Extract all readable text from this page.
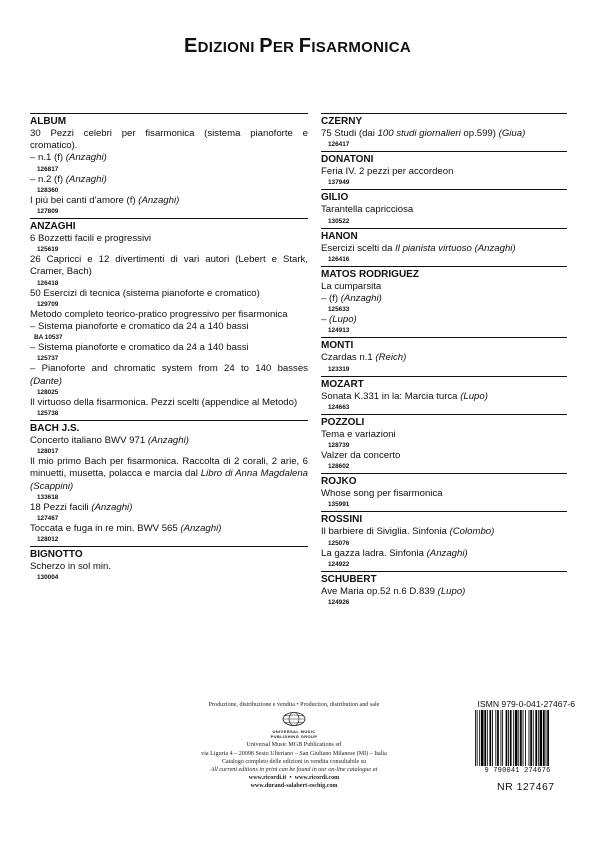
EDIZIONI PER FISARMONICA
ALBUM
30 Pezzi celebri per fisarmonica (sistema pianoforte e cromatico).
– n.1 (f) (Anzaghi)
126817
– n.2 (f) (Anzaghi)
128360
I più bei canti d’amore (f) (Anzaghi)
127809
ANZAGHI
6 Bozzetti facili e progressivi
125619
26 Capricci e 12 divertimenti di vari autori (Lebert e Stark, Cramer, Bach)
126418
50 Esercizi di tecnica (sistema pianoforte e cromatico)
129709
Metodo completo teorico-pratico progressivo per fisarmonica
– Sistema pianoforte e cromatico da 24 a 140 bassi
BA 10537
– Sistema pianoforte e cromatico da 24 a 140 bassi
125737
– Pianoforte and chromatic system from 24 to 140 basses (Dante)
128025
Il virtuoso della fisarmonica. Pezzi scelti (appendice al Metodo)
125738
BACH J.S.
Concerto italiano BWV 971 (Anzaghi)
128017
Il mio primo Bach per fisarmonica. Raccolta di 2 corali, 2 arie, 6 minuetti, musetta, polacca e marcia dal Libro di Anna Magdalena (Scappini)
133618
18 Pezzi facili (Anzaghi)
127467
Toccata e fuga in re min. BWV 565 (Anzaghi)
128012
BIGNOTTO
Scherzo in sol min.
130004
CZERNY
75 Studi (dai 100 studi giornalieri op.599) (Giua)
126417
DONATONI
Feria IV. 2 pezzi per accordeon
137949
GILIO
Tarantella capricciosa
130522
HANON
Esercizi scelti da Il pianista virtuoso (Anzaghi)
126416
MATOS RODRIGUEZ
La cumparsita
– (f) (Anzaghi)
125633
– (Lupo)
124913
MONTI
Czardas n.1 (Reich)
123319
MOZART
Sonata K.331 in la: Marcia turca (Lupo)
124663
POZZOLI
Tema e variazioni
128739
Valzer da concerto
128602
ROJKO
Whose song per fisarmonica
135991
ROSSINI
Il barbiere di Siviglia. Sinfonia (Colombo)
125076
La gazza ladra. Sinfonia (Anzaghi)
124922
SCHUBERT
Ave Maria op.52 n.6 D.839 (Lupo)
124926
Produzione, distribuzione e vendita • Production, distribution and sale
UNIVERSAL MUSIC PUBLISHING GROUP
Universal Music MGB Publications srl
via Liguria 4 – 20098 Sesto Ulteriano – San Giuliano Milanese (MI) – Italia
Catalogo completo delle edizioni in vendita consultabile su
All current editions in print can be found in our on-line catalogue at
www.ricordi.it  •  www.ricordi.com
www.durand-salabert-eschig.com
ISMN 979-0-041-27467-6
9 790041 274676
NR 127467
